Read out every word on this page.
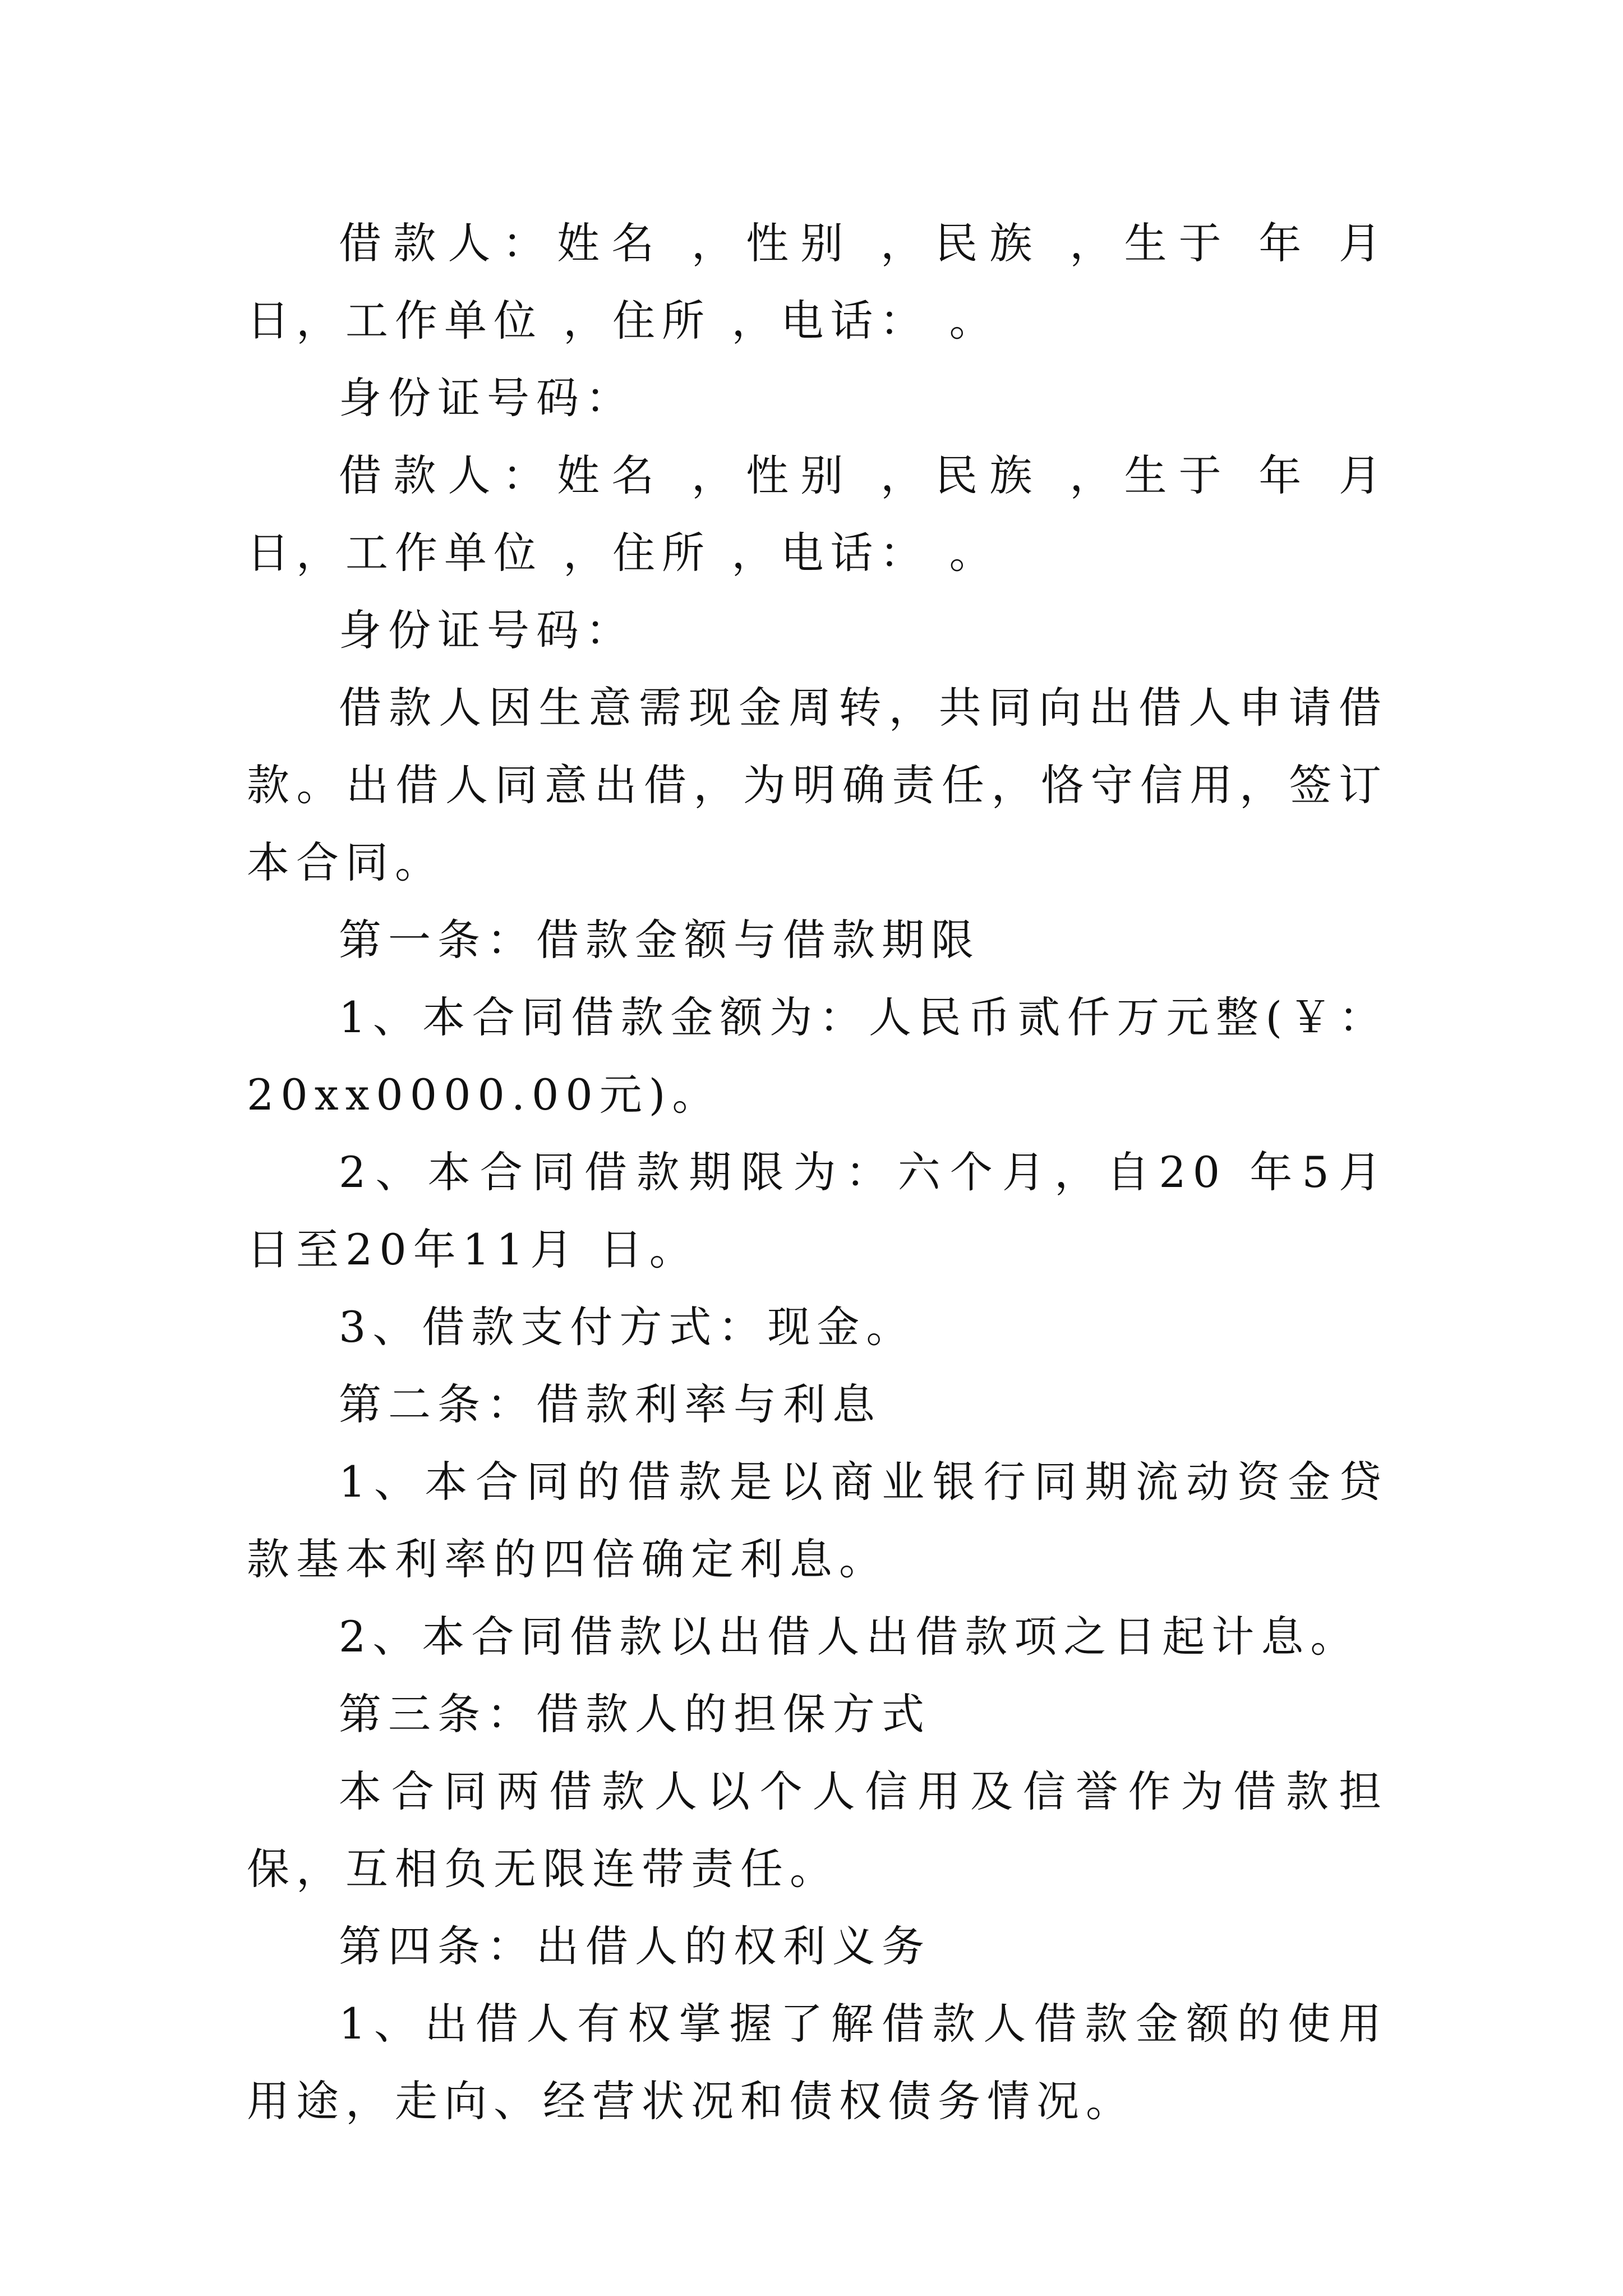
借款人：姓名 ，性别 ，民族 ，生于 年 月 日，工作单位 ，住所 ，电话： 。

身份证号码：

借款人：姓名 ，性别 ，民族 ，生于 年 月 日，工作单位 ，住所 ，电话： 。

身份证号码：

借款人因生意需现金周转，共同向出借人申请借款。出借人同意出借，为明确责任，恪守信用，签订本合同。

第一条：借款金额与借款期限

1、本合同借款金额为：人民币贰仟万元整(￥：20xx0000.00元)。

2、本合同借款期限为：六个月，自20 年5月 日至20年11月 日。

3、借款支付方式：现金。

第二条：借款利率与利息

1、本合同的借款是以商业银行同期流动资金贷款基本利率的四倍确定利息。

2、本合同借款以出借人出借款项之日起计息。

第三条：借款人的担保方式

本合同两借款人以个人信用及信誉作为借款担保，互相负无限连带责任。

第四条：出借人的权利义务

1、出借人有权掌握了解借款人借款金额的使用用途，走向、经营状况和债权债务情况。
